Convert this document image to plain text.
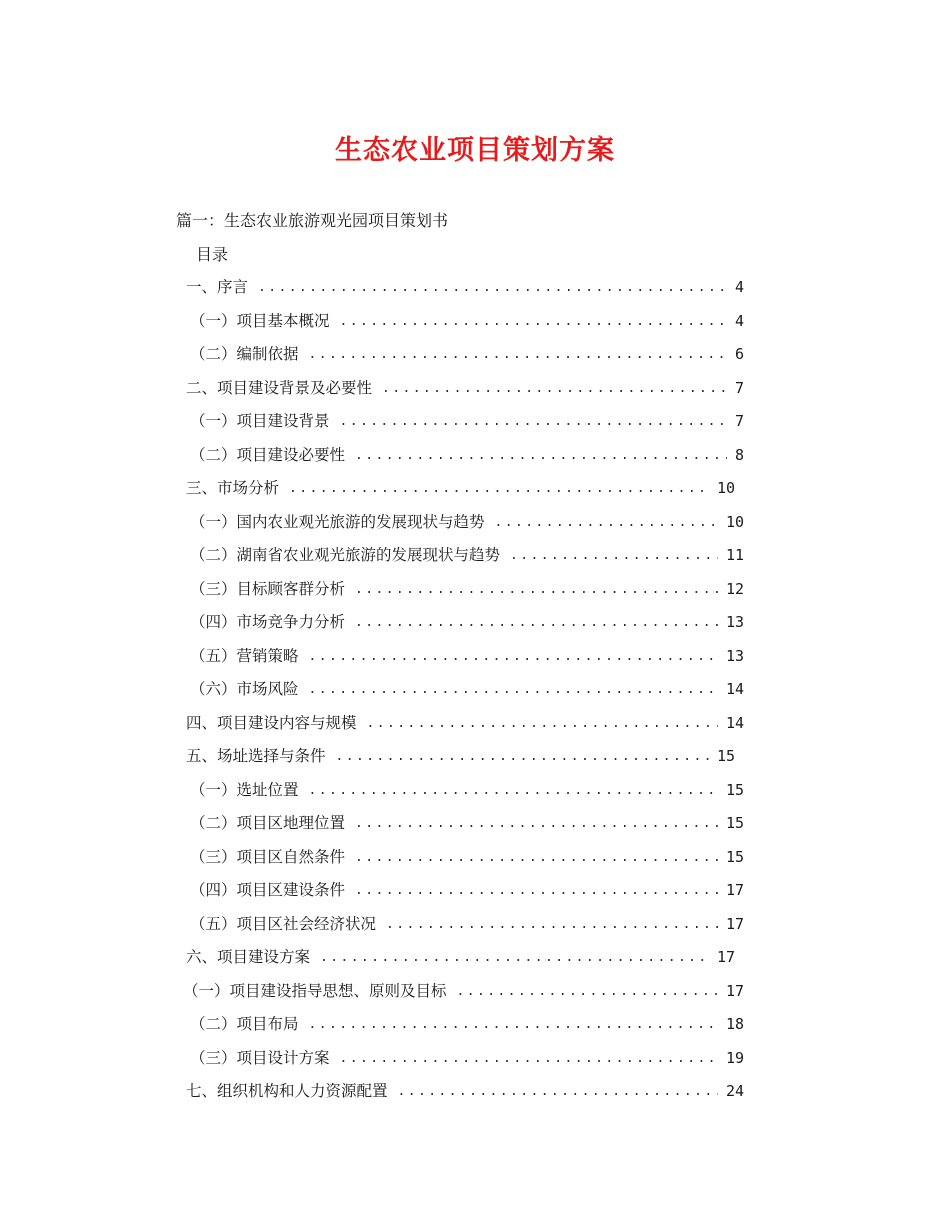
生态农业项目策划方案
篇一：生态农业旅游观光园项目策划书
目录
一、序言 .....	4
（一）项目基本概况 .....	4
（二）编制依据 .....	6
二、项目建设背景及必要性 .....	7
（一）项目建设背景 .....	7
（二）项目建设必要性 .....	8
三、市场分析 .....	10
（一）国内农业观光旅游的发展现状与趋势 .....	10
（二）湖南省农业观光旅游的发展现状与趋势 .....	11
（三）目标顾客群分析 .....	12
（四）市场竞争力分析 .....	13
（五）营销策略 .....	13
（六）市场风险 .....	14
四、项目建设内容与规模 .....	14
五、场址选择与条件 .....	15
（一）选址位置 .....	15
（二）项目区地理位置 .....	15
（三）项目区自然条件 .....	15
（四）项目区建设条件 .....	17
（五）项目区社会经济状况 .....	17
六、项目建设方案 .....	17
（一）项目建设指导思想、原则及目标 .....	17
（二）项目布局 .....	18
（三）项目设计方案 .....	19
七、组织机构和人力资源配置 .....	24
